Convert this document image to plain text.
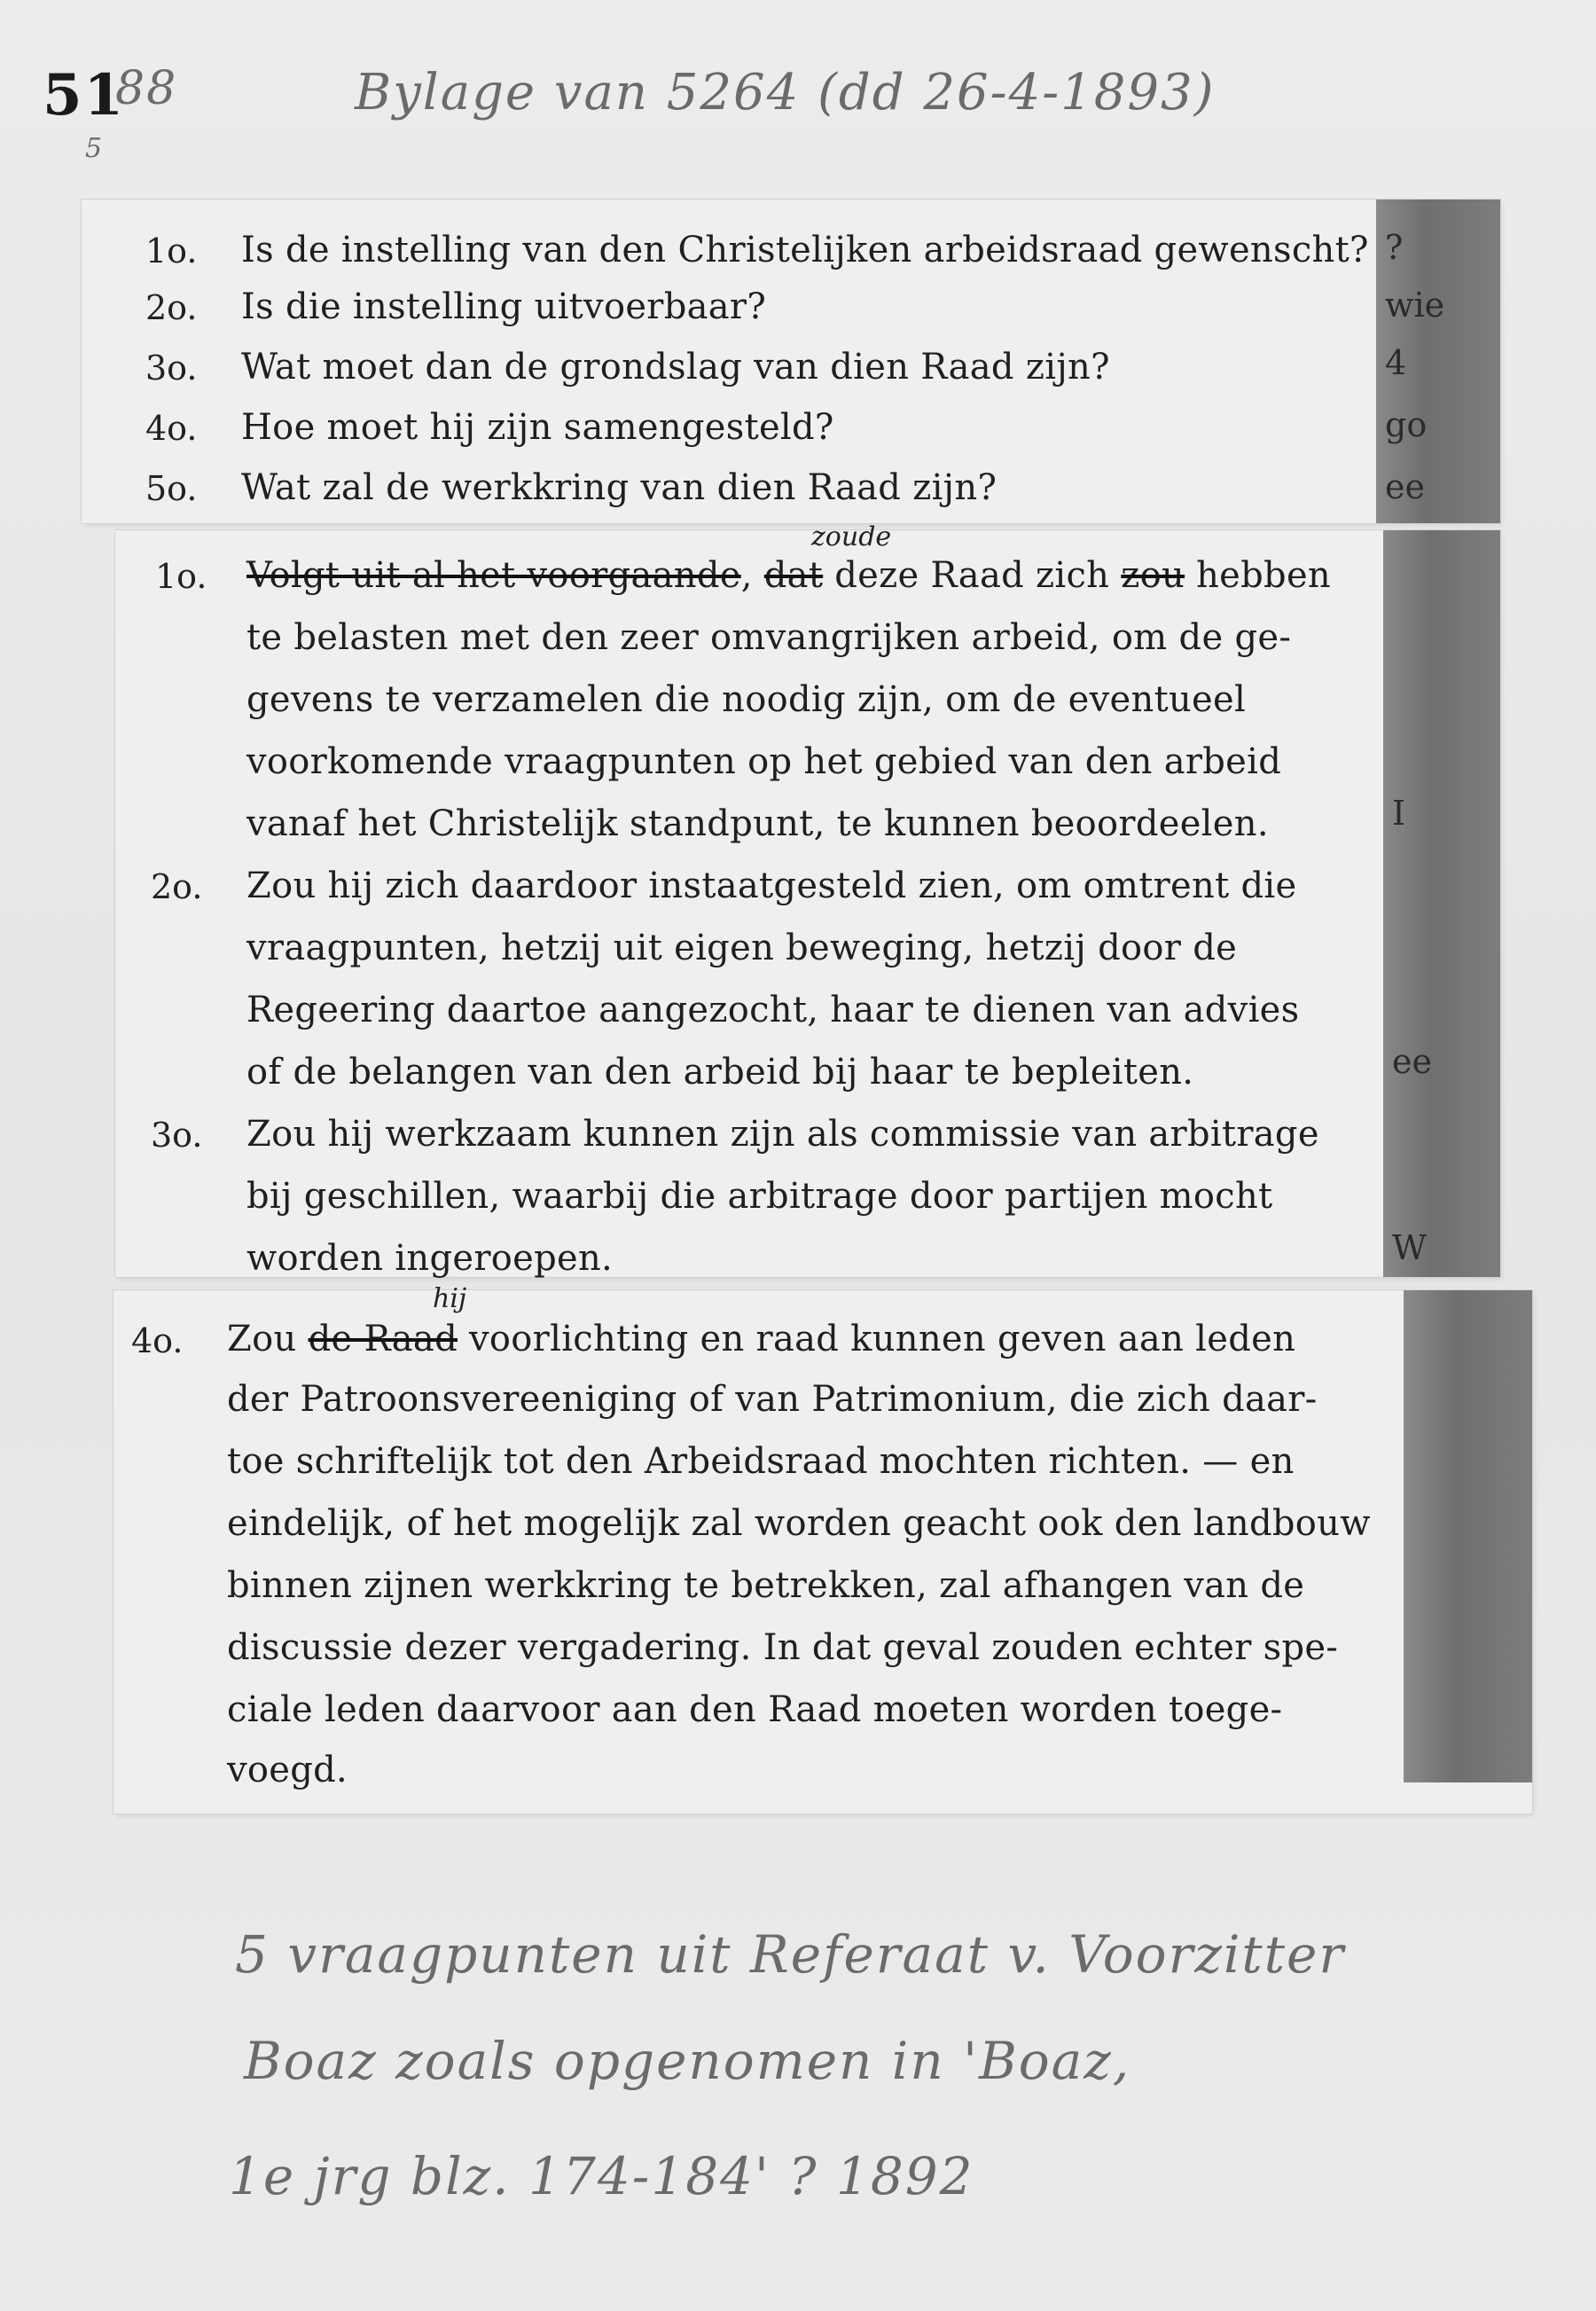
51
88
5
Bylage van 5264 (dd 26-4-1893)
?
wie
4
go
ee
1o. Is de instelling van den Christelijken arbeidsraad gewenscht?
2o. Is die instelling uitvoerbaar?
3o. Wat moet dan de grondslag van dien Raad zijn?
4o. Hoe moet hij zijn samengesteld?
5o. Wat zal de werkkring van dien Raad zijn?
I
ee
W
1o.
zoude
Volgt uit al het voorgaande, dat deze Raad zich zou hebben
te belasten met den zeer omvangrijken arbeid, om de ge-
gevens te verzamelen die noodig zijn, om de eventueel
voorkomende vraagpunten op het gebied van den arbeid
vanaf het Christelijk standpunt, te kunnen beoordeelen.
2o. Zou hij zich daardoor instaatgesteld zien, om omtrent die
vraagpunten, hetzij uit eigen beweging, hetzij door de
Regeering daartoe aangezocht, haar te dienen van advies
of de belangen van den arbeid bij haar te bepleiten.
3o. Zou hij werkzaam kunnen zijn als commissie van arbitrage
bij geschillen, waarbij die arbitrage door partijen mocht
worden ingeroepen.
4o.
hij
Zou de Raad voorlichting en raad kunnen geven aan leden
der Patroonsvereeniging of van Patrimonium, die zich daar-
toe schriftelijk tot den Arbeidsraad mochten richten. — en
eindelijk, of het mogelijk zal worden geacht ook den landbouw
binnen zijnen werkkring te betrekken, zal afhangen van de
discussie dezer vergadering. In dat geval zouden echter spe-
ciale leden daarvoor aan den Raad moeten worden toege-
voegd.
5 vraagpunten uit Referaat v. Voorzitter
Boaz zoals opgenomen in 'Boaz,
1e jrg blz. 174-184' ? 1892
